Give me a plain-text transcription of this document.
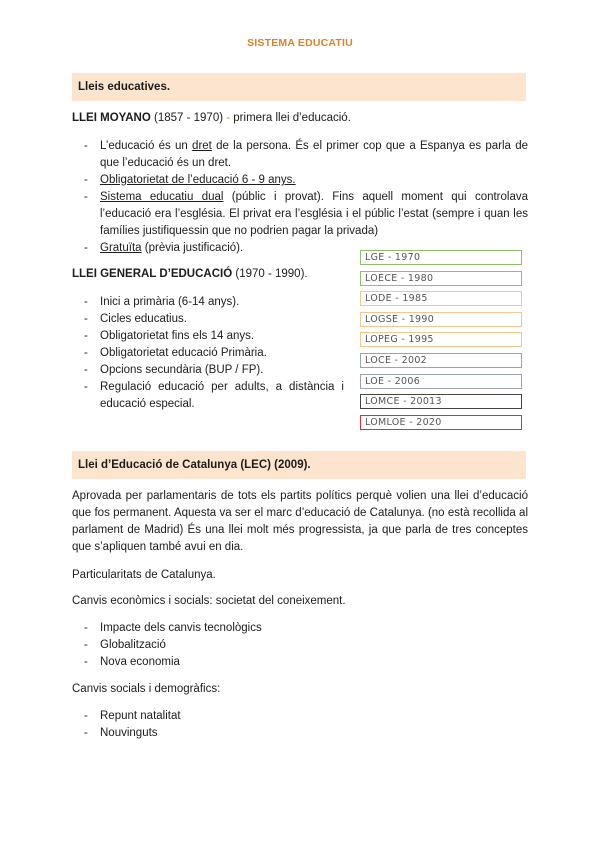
SISTEMA EDUCATIU
Lleis educatives.
LLEI MOYANO (1857 - 1970) - primera llei d’educació.
- L’educació és un dret de la persona. És el primer cop que a Espanya es parla de que l’educació és un dret.
- Obligatorietat de l’educació 6 - 9 anys.
- Sistema educatiu dual (públic i provat). Fins aquell moment qui controlava l’educació era l’església. El privat era l’església i el públic l’estat (sempre i quan les famílies justifiquessin que no podrien pagar la privada)
- Gratuïta (prèvia justificació).
LLEI GENERAL D’EDUCACIÓ (1970 - 1990).
- Inici a primària (6-14 anys).
- Cicles educatius.
- Obligatorietat fins els 14 anys.
- Obligatorietat educació Primària.
- Opcions secundària (BUP / FP).
- Regulació educació per adults, a distància i educació especial.
LGE - 1970
LOECE - 1980
LODE - 1985
LOGSE - 1990
LOPEG - 1995
LOCE - 2002
LOE - 2006
LOMCE - 20013
LOMLOE - 2020
Llei d’Educació de Catalunya (LEC) (2009).
Aprovada per parlamentaris de tots els partits polítics perquè volien una llei d’educació que fos permanent. Aquesta va ser el marc d’educació de Catalunya. (no està recollida al parlament de Madrid) És una llei molt més progressista, ja que parla de tres conceptes que s’apliquen també avui en dia.
Particularitats de Catalunya.
Canvis econòmics i socials: societat del coneixement.
- Impacte dels canvis tecnològics
- Globalització
- Nova economia
Canvis socials i demogràfics:
- Repunt natalitat
- Nouvinguts
